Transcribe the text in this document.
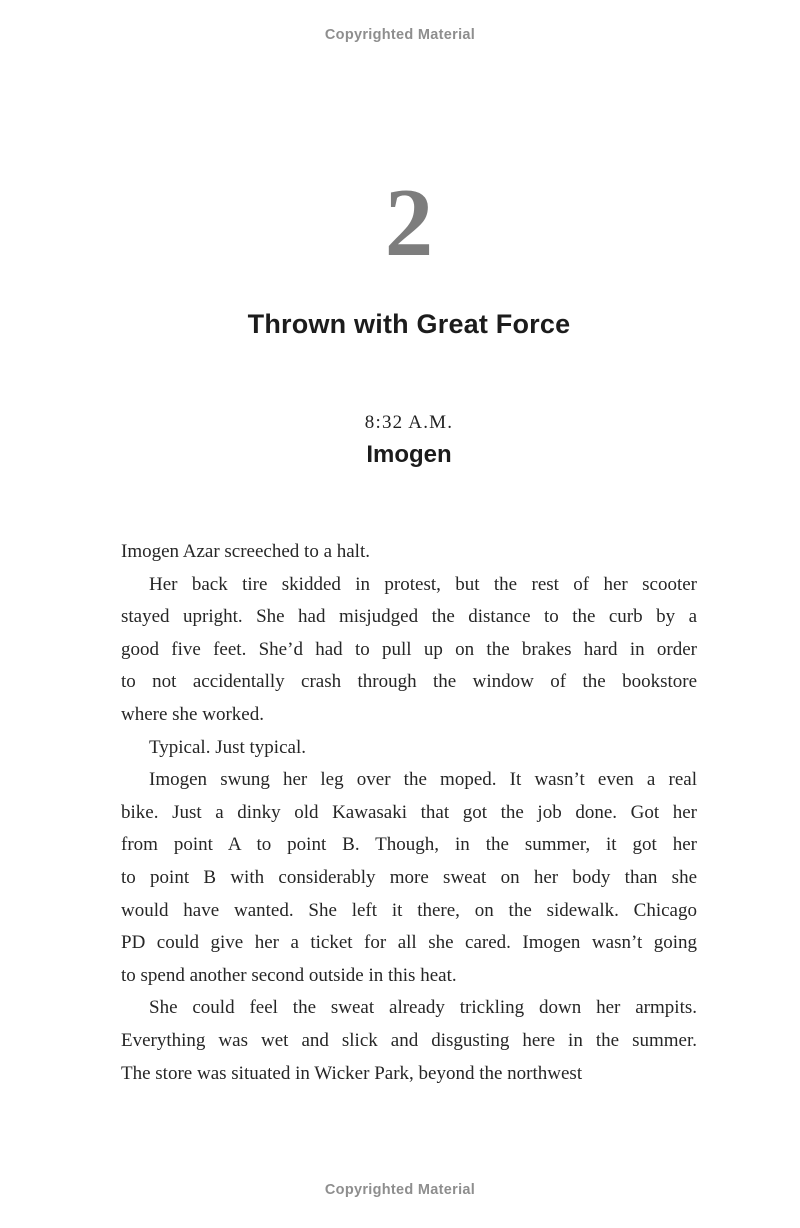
Copyrighted Material
2
Thrown with Great Force
8:32 A.M.
Imogen
Imogen Azar screeched to a halt.
Her back tire skidded in protest, but the rest of her scooter
stayed upright. She had misjudged the distance to the curb by a
good five feet. She’d had to pull up on the brakes hard in order
to not accidentally crash through the window of the bookstore
where she worked.
Typical. Just typical.
Imogen swung her leg over the moped. It wasn’t even a real
bike. Just a dinky old Kawasaki that got the job done. Got her
from point A to point B. Though, in the summer, it got her
to point B with considerably more sweat on her body than she
would have wanted. She left it there, on the sidewalk. Chicago
PD could give her a ticket for all she cared. Imogen wasn’t going
to spend another second outside in this heat.
She could feel the sweat already trickling down her armpits.
Everything was wet and slick and disgusting here in the summer.
The store was situated in Wicker Park, beyond the northwest
Copyrighted Material
